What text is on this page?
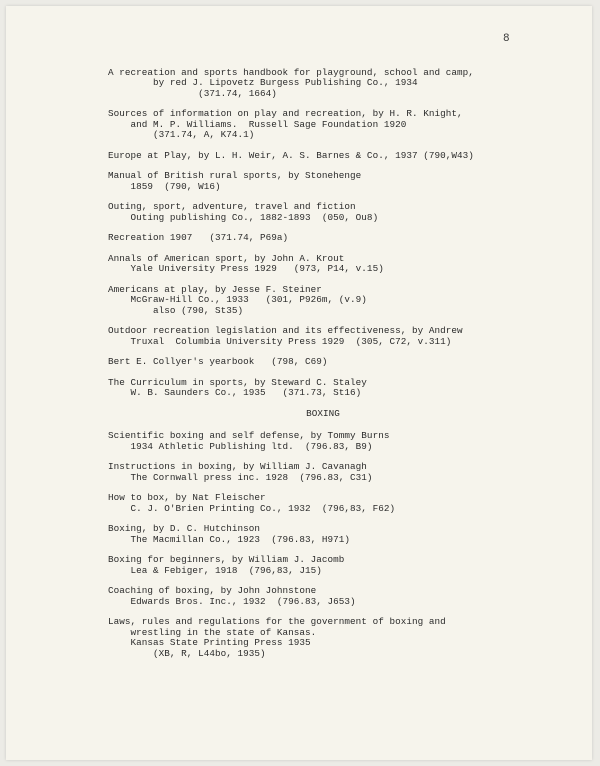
8
A recreation and sports handbook for playground, school and camp,
by red J. Lipovetz Burgess Publishing Co., 1934
(371.74, 1664)
Sources of information on play and recreation, by H. R. Knight,
and M. P. Williams.  Russell Sage Foundation 1920
(371.74, A, K74.1)
Europe at Play, by L. H. Weir, A. S. Barnes & Co., 1937 (790,W43)
Manual of British rural sports, by Stonehenge
1859  (790, W16)
Outing, sport, adventure, travel and fiction
Outing publishing Co., 1882-1893  (050, Ou8)
Recreation 1907   (371.74, P69a)
Annals of American sport, by John A. Krout
Yale University Press 1929   (973, P14, v.15)
Americans at play, by Jesse F. Steiner
McGraw-Hill Co., 1933   (301, P926m, (v.9)
also (790, St35)
Outdoor recreation legislation and its effectiveness, by Andrew
Truxal  Columbia University Press 1929  (305, C72, v.311)
Bert E. Collyer's yearbook   (798, C69)
The Curriculum in sports, by Steward C. Staley
W. B. Saunders Co., 1935   (371.73, St16)
BOXING
Scientific boxing and self defense, by Tommy Burns
1934 Athletic Publishing ltd.  (796.83, B9)
Instructions in boxing, by William J. Cavanagh
The Cornwall press inc. 1928  (796.83, C31)
How to box, by Nat Fleischer
C. J. O'Brien Printing Co., 1932  (796,83, F62)
Boxing, by D. C. Hutchinson
The Macmillan Co., 1923  (796.83, H971)
Boxing for beginners, by William J. Jacomb
Lea & Febiger, 1918  (796,83, J15)
Coaching of boxing, by John Johnstone
Edwards Bros. Inc., 1932  (796.83, J653)
Laws, rules and regulations for the government of boxing and
wrestling in the state of Kansas.
Kansas State Printing Press 1935
(XB, R, L44bo, 1935)
